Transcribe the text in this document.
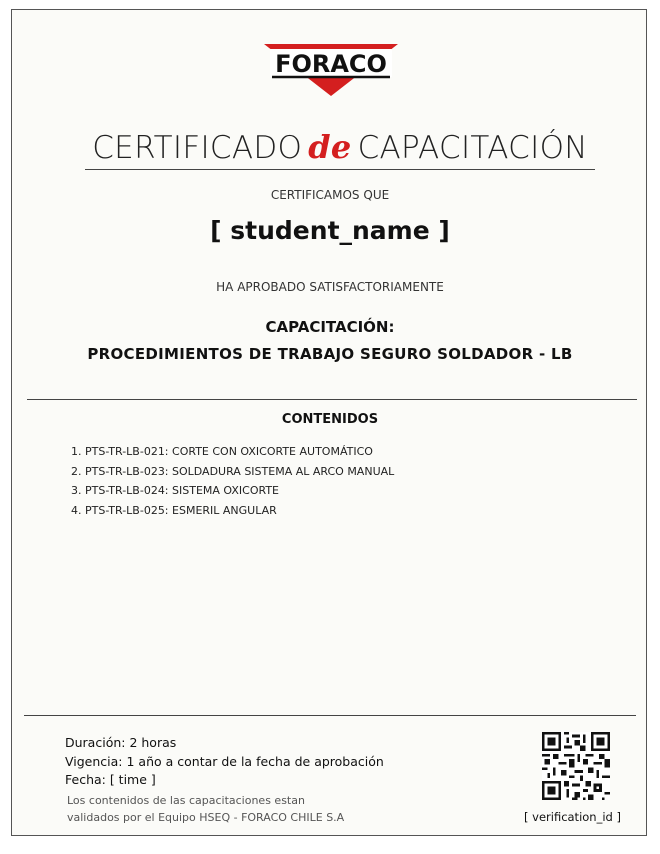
FORACO
CERTIFICADO de CAPACITACIÓN
CERTIFICAMOS QUE
[ student_name ]
HA APROBADO SATISFACTORIAMENTE
CAPACITACIÓN:
PROCEDIMIENTOS DE TRABAJO SEGURO SOLDADOR - LB
CONTENIDOS
1. PTS-TR-LB-021: CORTE CON OXICORTE AUTOMÁTICO
2. PTS-TR-LB-023: SOLDADURA SISTEMA AL ARCO MANUAL
3. PTS-TR-LB-024: SISTEMA OXICORTE
4. PTS-TR-LB-025: ESMERIL ANGULAR
Duración: 2 horas
Vigencia: 1 año a contar de la fecha de aprobación
Fecha: [ time ]
Los contenidos de las capacitaciones estan
validados por el Equipo HSEQ - FORACO CHILE S.A	[ verification_id ]
